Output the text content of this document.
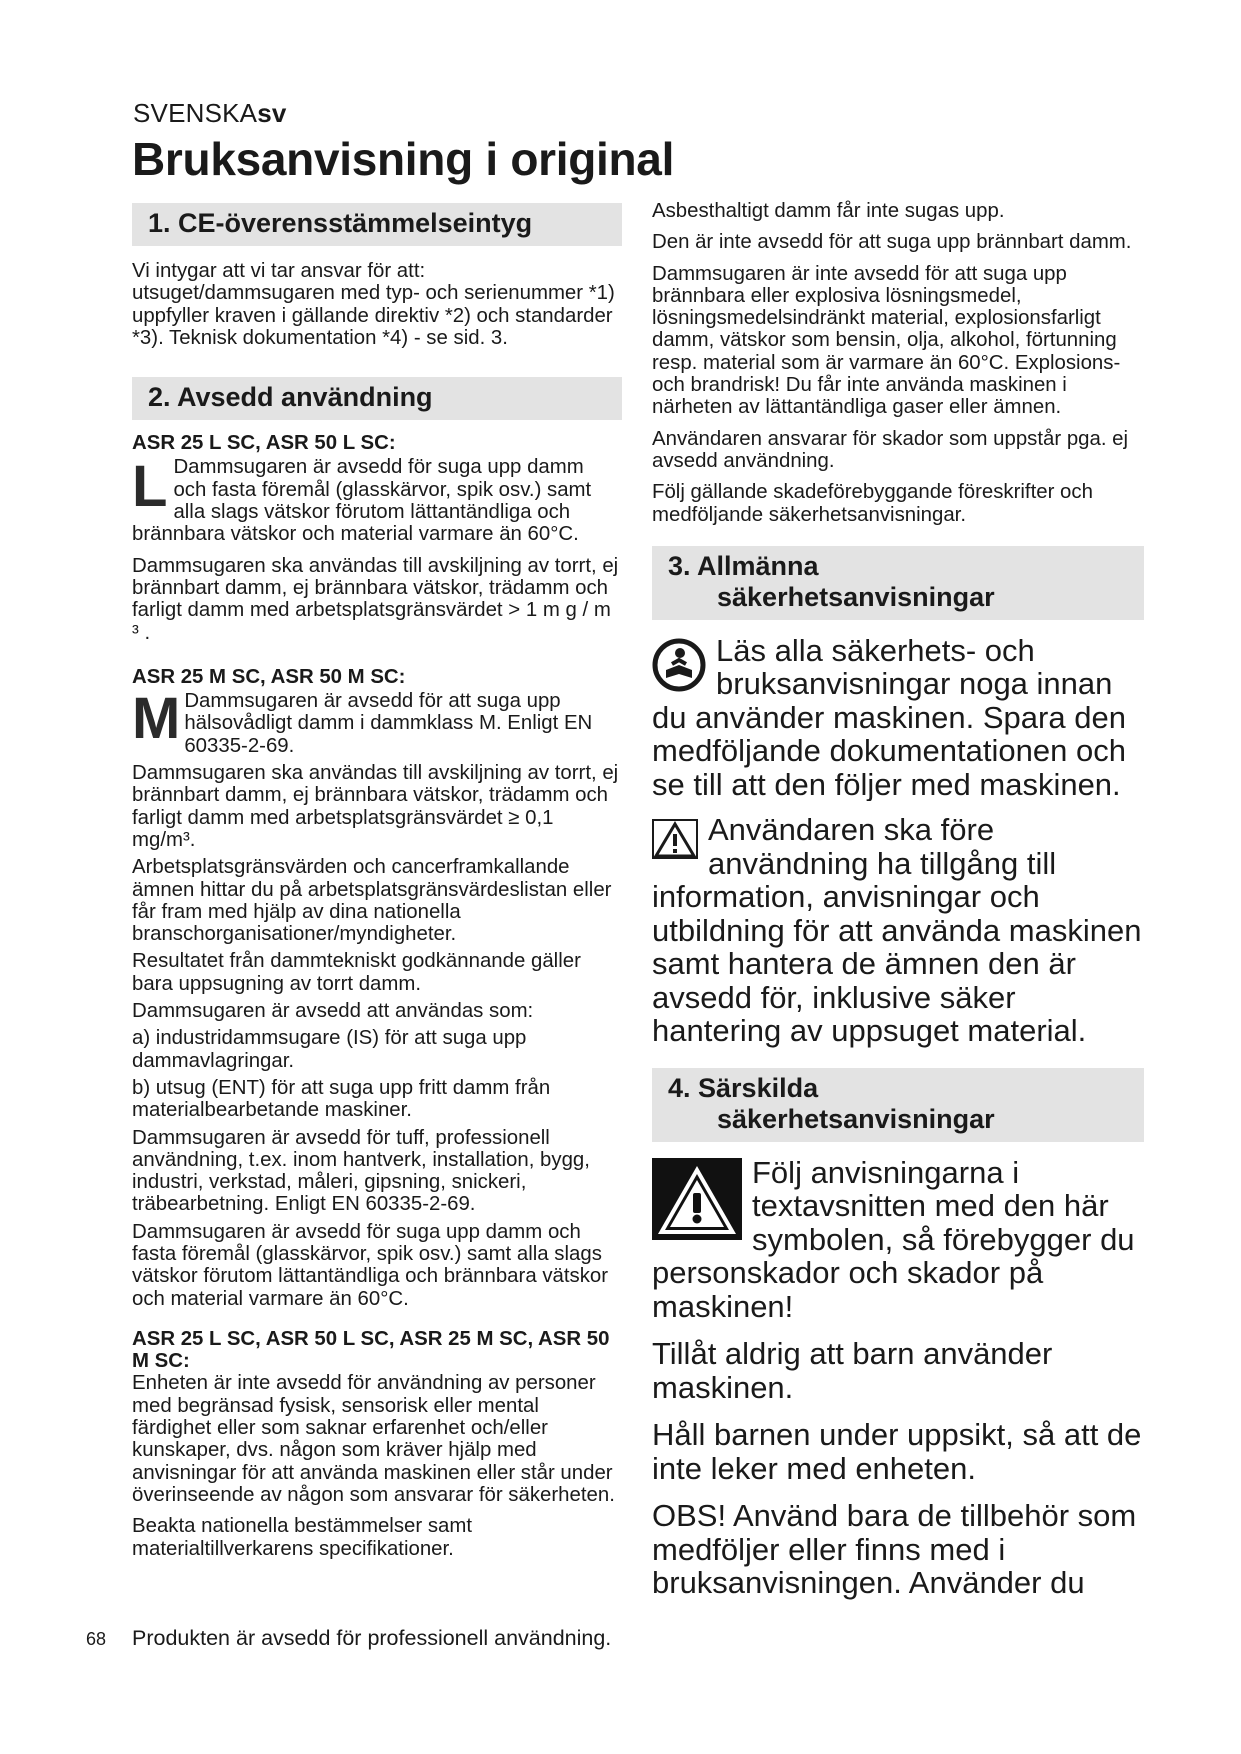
SVENSKAsv
Bruksanvisning i original
1. CE-överensstämmelseintyg

Vi intygar att vi tar ansvar för att: utsuget/dammsugaren med typ- och serienummer *1) uppfyller kraven i gällande direktiv *2) och standarder *3). Teknisk dokumentation *4) - se sid. 3.

2. Avsedd användning

ASR 25 L SC, ASR 50 L SC:

L Dammsugaren är avsedd för suga upp damm och fasta föremål (glasskärvor, spik osv.) samt alla slags vätskor förutom lättantändliga och brännbara vätskor och material varmare än 60°C.

Dammsugaren ska användas till avskiljning av torrt, ej brännbart damm, ej brännbara vätskor, trädamm och farligt damm med arbetsplatsgränsvärdet > 1 m g / m ³ .

ASR 25 M SC, ASR 50 M SC:

M Dammsugaren är avsedd för att suga upp hälsovådligt damm i dammklass M. Enligt EN 60335-2-69.

Dammsugaren ska användas till avskiljning av torrt, ej brännbart damm, ej brännbara vätskor, trädamm och farligt damm med arbetsplatsgränsvärdet ≥ 0,1 mg/m³.

Arbetsplatsgränsvärden och cancerframkallande ämnen hittar du på arbetsplatsgränsvärdeslistan eller får fram med hjälp av dina nationella branschorganisationer/myndigheter.

Resultatet från dammtekniskt godkännande gäller bara uppsugning av torrt damm.

Dammsugaren är avsedd att användas som:

a) industridammsugare (IS) för att suga upp dammavlagringar.

b) utsug (ENT) för att suga upp fritt damm från materialbearbetande maskiner.

Dammsugaren är avsedd för tuff, professionell användning, t.ex. inom hantverk, installation, bygg, industri, verkstad, måleri, gipsning, snickeri, träbearbetning. Enligt EN 60335-2-69.

Dammsugaren är avsedd för suga upp damm och fasta föremål (glasskärvor, spik osv.) samt alla slags vätskor förutom lättantändliga och brännbara vätskor och material varmare än 60°C.

ASR 25 L SC, ASR 50 L SC, ASR 25 M SC, ASR 50 M SC:

Enheten är inte avsedd för användning av personer med begränsad fysisk, sensorisk eller mental färdighet eller som saknar erfarenhet och/eller kunskaper, dvs. någon som kräver hjälp med anvisningar för att använda maskinen eller står under överinseende av någon som ansvarar för säkerheten.

Beakta nationella bestämmelser samt materialtillverkarens specifikationer.

68 Produkten är avsedd för professionell användning.

Asbesthaltigt damm får inte sugas upp.

Den är inte avsedd för att suga upp brännbart damm.

Dammsugaren är inte avsedd för att suga upp brännbara eller explosiva lösningsmedel, lösningsmedelsindränkt material, explosionsfarligt damm, vätskor som bensin, olja, alkohol, förtunning resp. material som är varmare än 60°C. Explosions- och brandrisk! Du får inte använda maskinen i närheten av lättantändliga gaser eller ämnen.

Användaren ansvarar för skador som uppstår pga. ej avsedd användning.

Följ gällande skadeförebyggande föreskrifter och medföljande säkerhetsanvisningar.

3. Allmänna
säkerhetsanvisningar

Läs alla säkerhets- och bruksanvisningar noga innan du använder maskinen. Spara den medföljande dokumentationen och se till att den följer med maskinen.

Användaren ska före användning ha tillgång till information, anvisningar och utbildning för att använda maskinen samt hantera de ämnen den är avsedd för, inklusive säker hantering av uppsuget material.

4. Särskilda
säkerhetsanvisningar

Följ anvisningarna i textavsnitten med den här symbolen, så förebygger du personskador och skador på maskinen!

Tillåt aldrig att barn använder maskinen.

Håll barnen under uppsikt, så att de inte leker med enheten.

OBS! Använd bara de tillbehör som medföljer eller finns med i bruksanvisningen. Använder du
